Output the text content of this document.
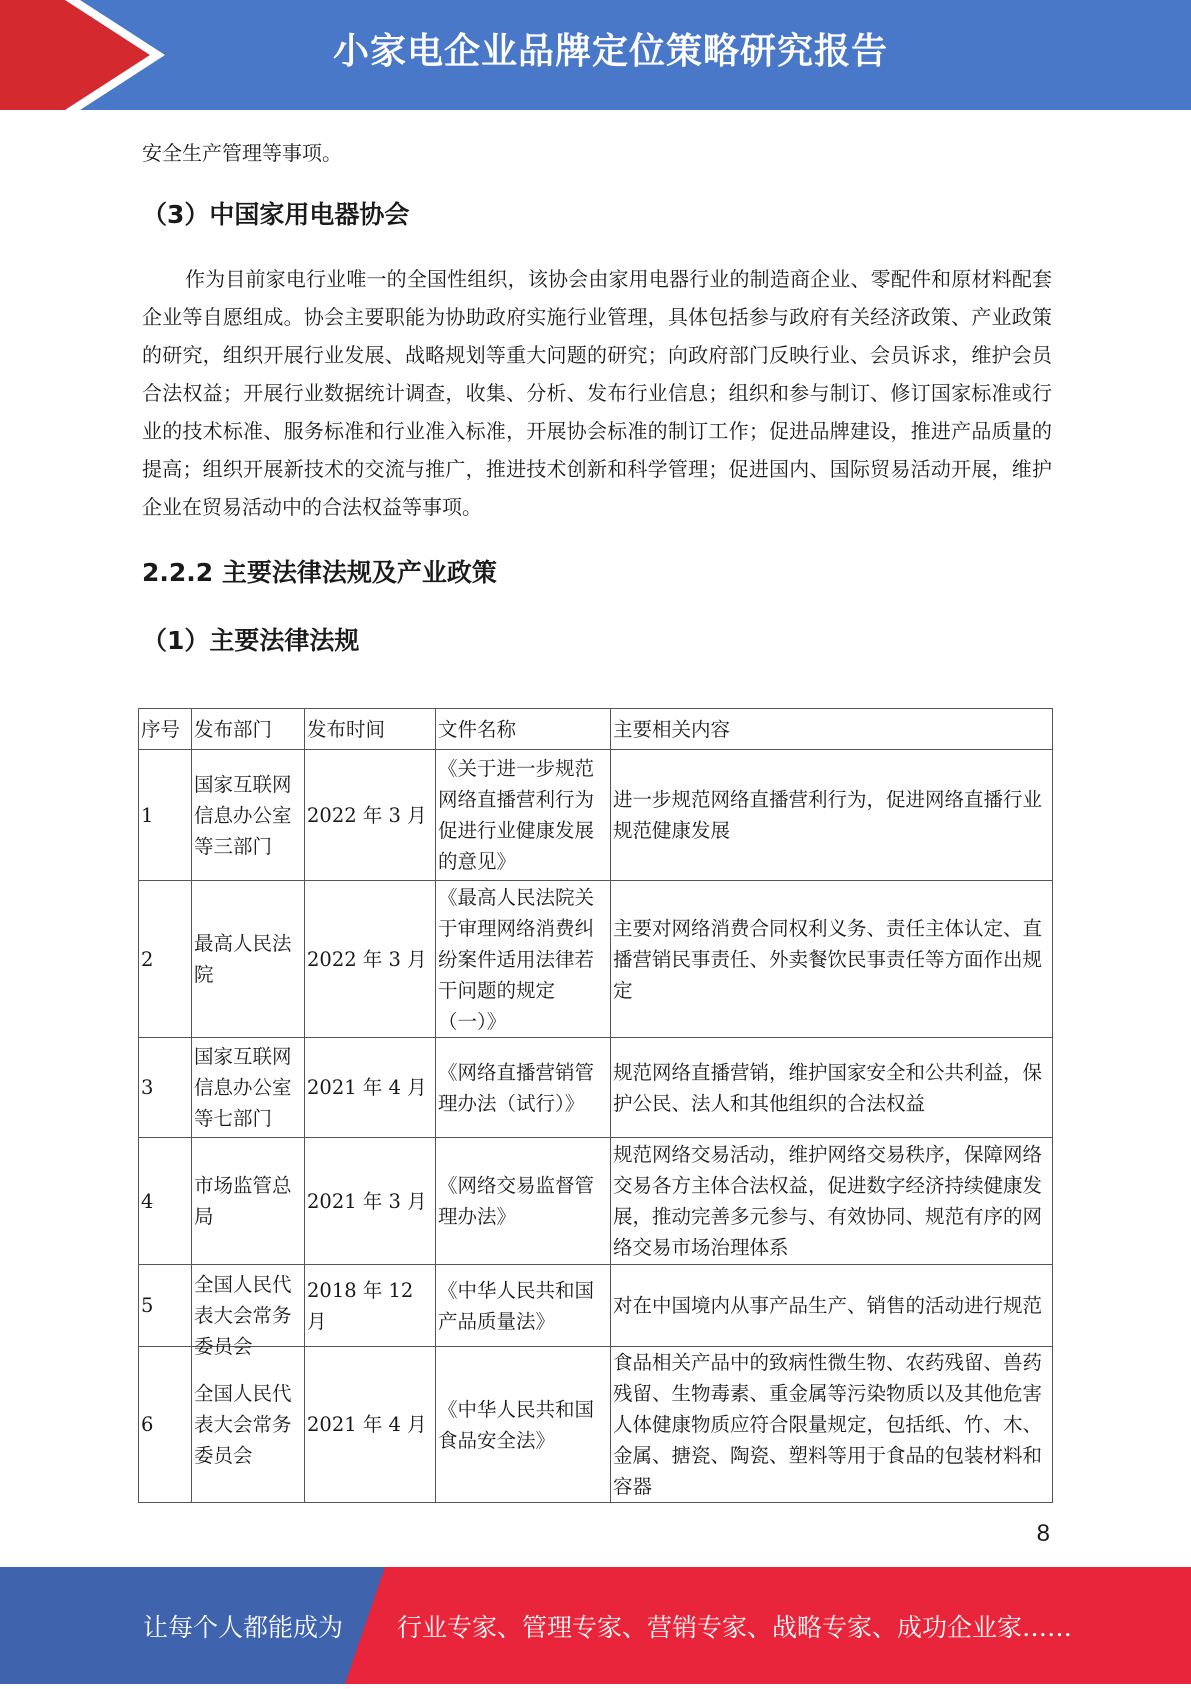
小家电企业品牌定位策略研究报告

安全生产管理等事项。

（3）中国家用电器协会

作为目前家电行业唯一的全国性组织，该协会由家用电器行业的制造商企业、零配件和原材料配套企业等自愿组成。协会主要职能为协助政府实施行业管理，具体包括参与政府有关经济政策、产业政策的研究，组织开展行业发展、战略规划等重大问题的研究；向政府部门反映行业、会员诉求，维护会员合法权益；开展行业数据统计调查，收集、分析、发布行业信息；组织和参与制订、修订国家标准或行业的技术标准、服务标准和行业准入标准，开展协会标准的制订工作；促进品牌建设，推进产品质量的提高；组织开展新技术的交流与推广，推进技术创新和科学管理；促进国内、国际贸易活动开展，维护企业在贸易活动中的合法权益等事项。

2.2.2 主要法律法规及产业政策
（1）主要法律法规
序号	发布部门	发布时间	文件名称	主要相关内容
1	国家互联网信息办公室等三部门	2022 年 3 月	《关于进一步规范网络直播营利行为促进行业健康发展的意见》	进一步规范网络直播营利行为，促进网络直播行业规范健康发展
2	最高人民法院	2022 年 3 月	《最高人民法院关于审理网络消费纠纷案件适用法律若干问题的规定（一）》	主要对网络消费合同权利义务、责任主体认定、直播营销民事责任、外卖餐饮民事责任等方面作出规定
3	国家互联网信息办公室等七部门	2021 年 4 月	《网络直播营销管理办法（试行）》	规范网络直播营销，维护国家安全和公共利益，保护公民、法人和其他组织的合法权益
4	市场监管总局	2021 年 3 月	《网络交易监督管理办法》	规范网络交易活动，维护网络交易秩序，保障网络交易各方主体合法权益，促进数字经济持续健康发展，推动完善多元参与、有效协同、规范有序的网络交易市场治理体系
5	全国人民代表大会常务委员会	2018 年 12 月	《中华人民共和国产品质量法》	对在中国境内从事产品生产、销售的活动进行规范
6	全国人民代表大会常务委员会	2021 年 4 月	《中华人民共和国食品安全法》	食品相关产品中的致病性微生物、农药残留、兽药残留、生物毒素、重金属等污染物质以及其他危害人体健康物质应符合限量规定，包括纸、竹、木、金属、搪瓷、陶瓷、塑料等用于食品的包装材料和容器
8
让每个人都能成为 行业专家、管理专家、营销专家、战略专家、成功企业家……
